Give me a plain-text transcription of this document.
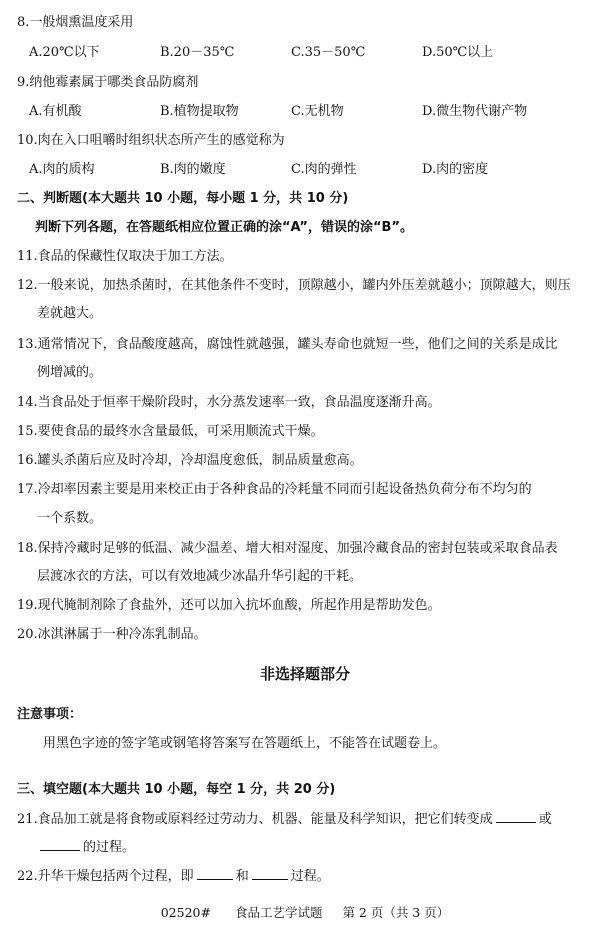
8.一般烟熏温度采用
A.20℃以下	B.20－35℃	C.35－50℃	D.50℃以上
9.纳他霉素属于哪类食品防腐剂
A.有机酸	B.植物提取物	C.无机物	D.微生物代谢产物
10.肉在入口咀嚼时组织状态所产生的感觉称为
A.肉的质构	B.肉的嫩度	C.肉的弹性	D.肉的密度
二、判断题(本大题共 10 小题，每小题 1 分，共 10 分)
判断下列各题，在答题纸相应位置正确的涂“A”，错误的涂“B”。
11.食品的保藏性仅取决于加工方法。
12.一般来说，加热杀菌时，在其他条件不变时，顶隙越小，罐内外压差就越小；顶隙越大，则压
差就越大。
13.通常情况下，食品酸度越高，腐蚀性就越强，罐头寿命也就短一些，他们之间的关系是成比
例增减的。
14.当食品处于恒率干燥阶段时，水分蒸发速率一致，食品温度逐渐升高。
15.要使食品的最终水含量最低，可采用顺流式干燥。
16.罐头杀菌后应及时冷却，冷却温度愈低，制品质量愈高。
17.冷却率因素主要是用来校正由于各种食品的冷耗量不同而引起设备热负荷分布不均匀的
一个系数。
18.保持冷藏时足够的低温、减少温差、增大相对湿度、加强冷藏食品的密封包装或采取食品表
层渡冰衣的方法，可以有效地减少冰晶升华引起的干耗。
19.现代腌制剂除了食盐外，还可以加入抗坏血酸，所起作用是帮助发色。
20.冰淇淋属于一种冷冻乳制品。
非选择题部分
注意事项：
用黑色字迹的签字笔或钢笔将答案写在答题纸上，不能答在试题卷上。
三、填空题(本大题共 10 小题，每空 1 分，共 20 分)
21.食品加工就是将食物或原料经过劳动力、机器、能量及科学知识，把它们转变成	或
的过程。
22.升华干燥包括两个过程，即	和	过程。
02520# 食品工艺学试题 第 2 页（共 3 页）
